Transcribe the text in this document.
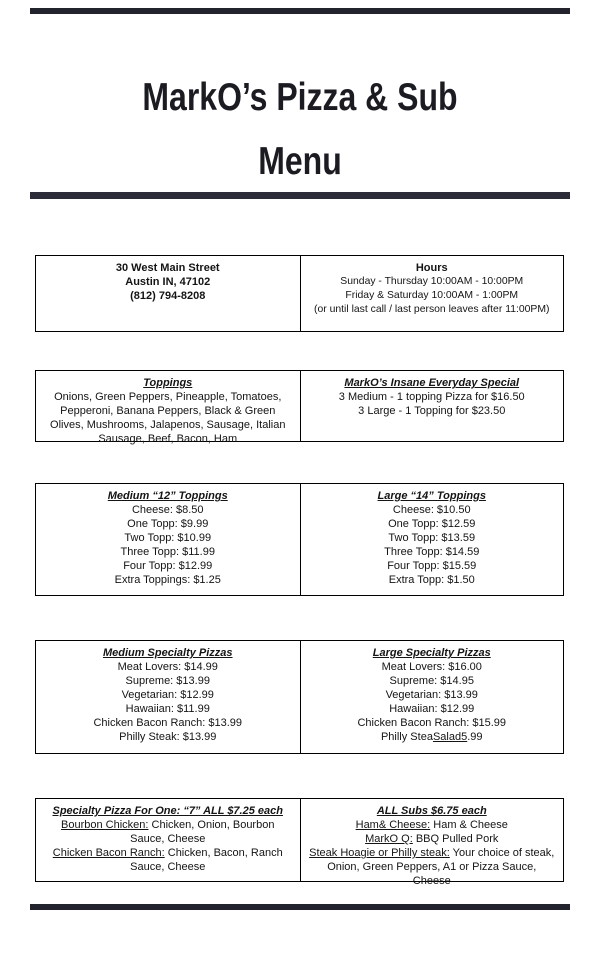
MarkO’s Pizza & Sub
Menu
30 West Main Street
Austin IN, 47102
(812) 794-8208
Hours
Sunday - Thursday 10:00AM - 10:00PM
Friday & Saturday 10:00AM - 1:00PM
(or until last call / last person leaves after 11:00PM)
Toppings
Onions, Green Peppers, Pineapple, Tomatoes, Pepperoni, Banana Peppers, Black & Green Olives, Mushrooms, Jalapenos, Sausage, Italian Sausage, Beef, Bacon, Ham
MarkO’s Insane Everyday Special
3 Medium - 1 topping Pizza for $16.50
3 Large - 1 Topping for $23.50
Medium “12” Toppings
Cheese: $8.50
One Topp: $9.99
Two Topp: $10.99
Three Topp: $11.99
Four Topp: $12.99
Extra Toppings: $1.25
Large “14” Toppings
Cheese: $10.50
One Topp: $12.59
Two Topp: $13.59
Three Topp: $14.59
Four Topp: $15.59
Extra Topp: $1.50
Medium Specialty Pizzas
Meat Lovers: $14.99
Supreme: $13.99
Vegetarian: $12.99
Hawaiian: $11.99
Chicken Bacon Ranch: $13.99
Philly Steak: $13.99
Large Specialty Pizzas
Meat Lovers: $16.00
Supreme: $14.95
Vegetarian: $13.99
Hawaiian: $12.99
Chicken Bacon Ranch: $15.99
Philly SteaSalad5.99
Specialty Pizza For One: “7” ALL $7.25 each
Bourbon Chicken: Chicken, Onion, Bourbon Sauce, Cheese
Chicken Bacon Ranch: Chicken, Bacon, Ranch Sauce, Cheese
ALL Subs $6.75 each
Ham& Cheese: Ham & Cheese
MarkO Q: BBQ Pulled Pork
Steak Hoagie or Philly steak: Your choice of steak, Onion, Green Peppers, A1 or Pizza Sauce, Cheese
